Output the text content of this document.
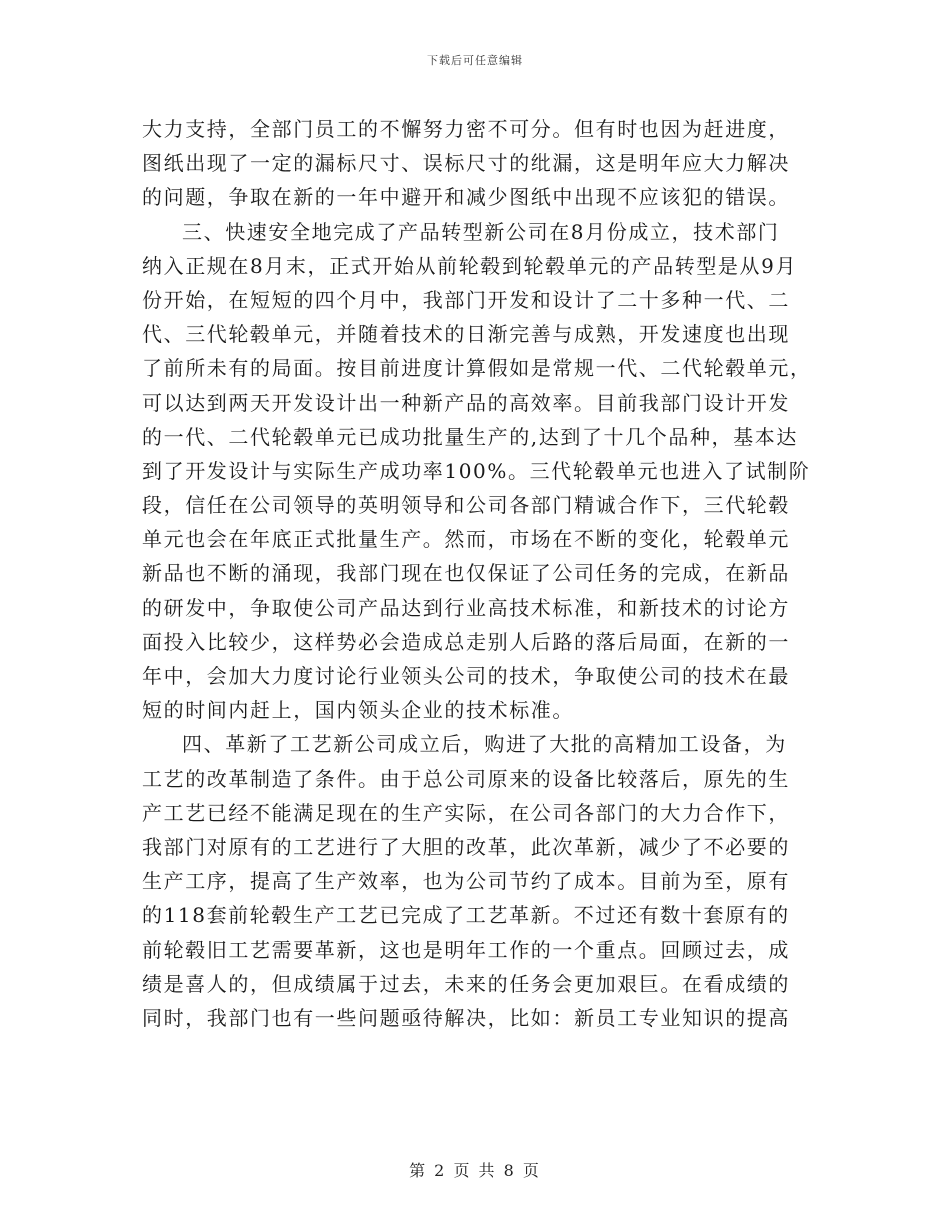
下载后可任意编辑
大力支持，全部门员工的不懈努力密不可分。但有时也因为赶进度，
图纸出现了一定的漏标尺寸、误标尺寸的纰漏，这是明年应大力解决
的问题，争取在新的一年中避开和减少图纸中出现不应该犯的错误。
三、快速安全地完成了产品转型新公司在8月份成立，技术部门
纳入正规在8月末，正式开始从前轮毂到轮毂单元的产品转型是从9月
份开始，在短短的四个月中，我部门开发和设计了二十多种一代、二
代、三代轮毂单元，并随着技术的日渐完善与成熟，开发速度也出现
了前所未有的局面。按目前进度计算假如是常规一代、二代轮毂单元，
可以达到两天开发设计出一种新产品的高效率。目前我部门设计开发
的一代、二代轮毂单元已成功批量生产的,达到了十几个品种，基本达
到了开发设计与实际生产成功率100%。三代轮毂单元也进入了试制阶
段，信任在公司领导的英明领导和公司各部门精诚合作下，三代轮毂
单元也会在年底正式批量生产。然而，市场在不断的变化，轮毂单元
新品也不断的涌现，我部门现在也仅保证了公司任务的完成，在新品
的研发中，争取使公司产品达到行业高技术标准，和新技术的讨论方
面投入比较少，这样势必会造成总走别人后路的落后局面，在新的一
年中，会加大力度讨论行业领头公司的技术，争取使公司的技术在最
短的时间内赶上，国内领头企业的技术标准。
四、革新了工艺新公司成立后，购进了大批的高精加工设备，为
工艺的改革制造了条件。由于总公司原来的设备比较落后，原先的生
产工艺已经不能满足现在的生产实际，在公司各部门的大力合作下，
我部门对原有的工艺进行了大胆的改革，此次革新，减少了不必要的
生产工序，提高了生产效率，也为公司节约了成本。目前为至，原有
的118套前轮毂生产工艺已完成了工艺革新。不过还有数十套原有的
前轮毂旧工艺需要革新，这也是明年工作的一个重点。回顾过去，成
绩是喜人的，但成绩属于过去，未来的任务会更加艰巨。在看成绩的
同时，我部门也有一些问题亟待解决，比如：新员工专业知识的提高
第 2 页 共 8 页
